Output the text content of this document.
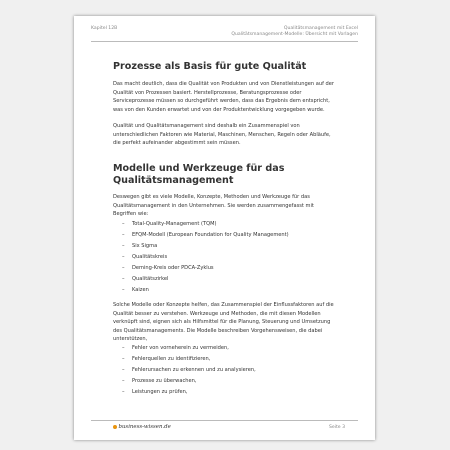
Kapitel 12B	Qualitätsmanagement mit Excel
Qualitätsmanagement-Modelle: Übersicht mit Vorlagen
Prozesse als Basis für gute Qualität

Das macht deutlich, dass die Qualität von Produkten und von Dienstleistungen auf der Qualität von Prozessen basiert. Herstellprozesse, Beratungsprozesse oder Serviceprozesse müssen so durchgeführt werden, dass das Ergebnis dem entspricht, was von den Kunden erwartet und von der Produktentwicklung vorgegeben wurde.

Qualität und Qualitätsmanagement sind deshalb ein Zusammenspiel von unterschiedlichen Faktoren wie Material, Maschinen, Menschen, Regeln oder Abläufe, die perfekt aufeinander abgestimmt sein müssen.

Modelle und Werkzeuge für das Qualitätsmanagement

Deswegen gibt es viele Modelle, Konzepte, Methoden und Werkzeuge für das Qualitätsmanagement in den Unternehmen. Sie werden zusammengefasst mit Begriffen wie:

– Total-Quality-Management (TQM)
– EFQM-Modell (European Foundation for Quality Management)
– Six Sigma
– Qualitätskreis
– Deming-Kreis oder PDCA-Zyklus
– Qualitätszirkel
– Kaizen

Solche Modelle oder Konzepte helfen, das Zusammenspiel der Einflussfaktoren auf die Qualität besser zu verstehen. Werkzeuge und Methoden, die mit diesen Modellen verknüpft sind, eignen sich als Hilfsmittel für die Planung, Steuerung und Umsetzung des Qualitätsmanagements. Die Modelle beschreiben Vorgehensweisen, die dabei unterstützen,

– Fehler von vorneherein zu vermeiden,
– Fehlerquellen zu identifizieren,
– Fehlerursachen zu erkennen und zu analysieren,
– Prozesse zu überwachen,
– Leistungen zu prüfen,
business-wissen.de	Seite 3
